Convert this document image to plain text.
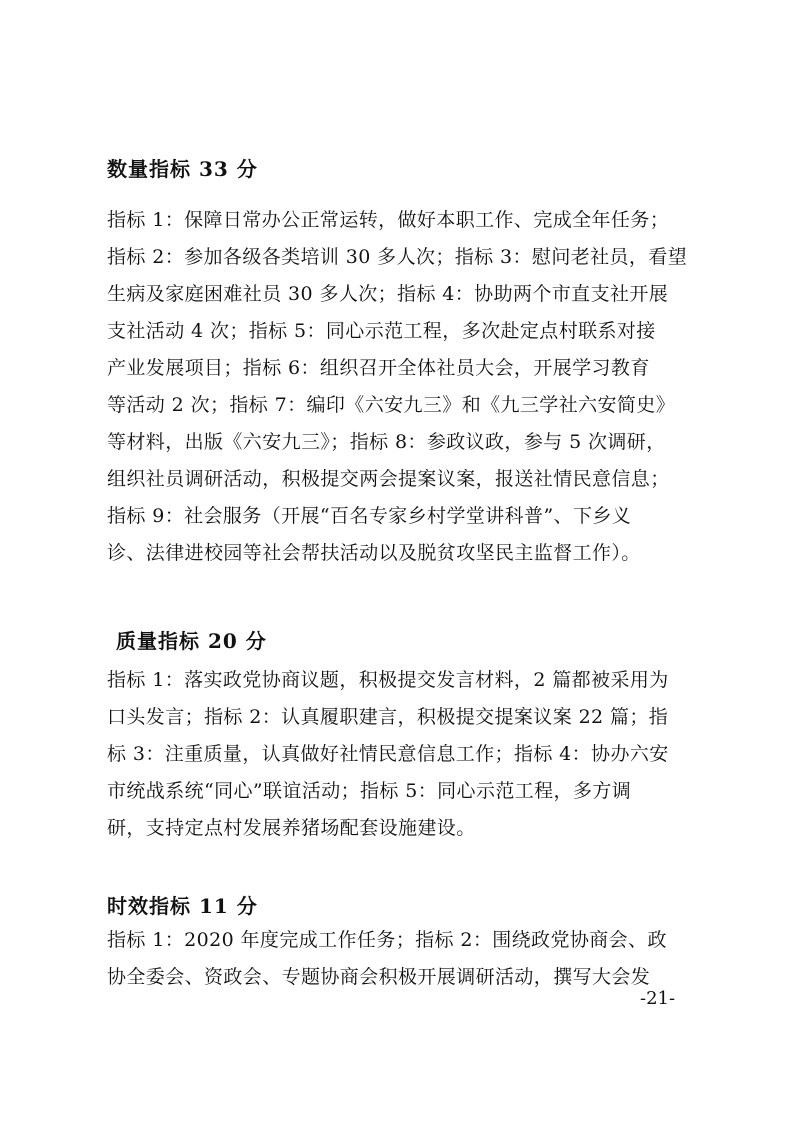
数量指标 33 分
指标 1：保障日常办公正常运转，做好本职工作、完成全年任务；
指标 2：参加各级各类培训 30 多人次；指标 3：慰问老社员，看望
生病及家庭困难社员 30 多人次；指标 4：协助两个市直支社开展
支社活动 4 次；指标 5：同心示范工程，多次赴定点村联系对接
产业发展项目；指标 6：组织召开全体社员大会，开展学习教育
等活动 2 次；指标 7：编印《六安九三》和《九三学社六安简史》
等材料，出版《六安九三》；指标 8：参政议政，参与 5 次调研，
组织社员调研活动，积极提交两会提案议案，报送社情民意信息；
指标 9：社会服务（开展“百名专家乡村学堂讲科普”、下乡义
诊、法律进校园等社会帮扶活动以及脱贫攻坚民主监督工作）。
质量指标 20 分
指标 1：落实政党协商议题，积极提交发言材料，2 篇都被采用为
口头发言；指标 2：认真履职建言，积极提交提案议案 22 篇；指
标 3：注重质量，认真做好社情民意信息工作；指标 4：协办六安
市统战系统“同心”联谊活动；指标 5：同心示范工程，多方调
研，支持定点村发展养猪场配套设施建设。
时效指标 11 分
指标 1：2020 年度完成工作任务；指标 2：围绕政党协商会、政
协全委会、资政会、专题协商会积极开展调研活动，撰写大会发
-21-
